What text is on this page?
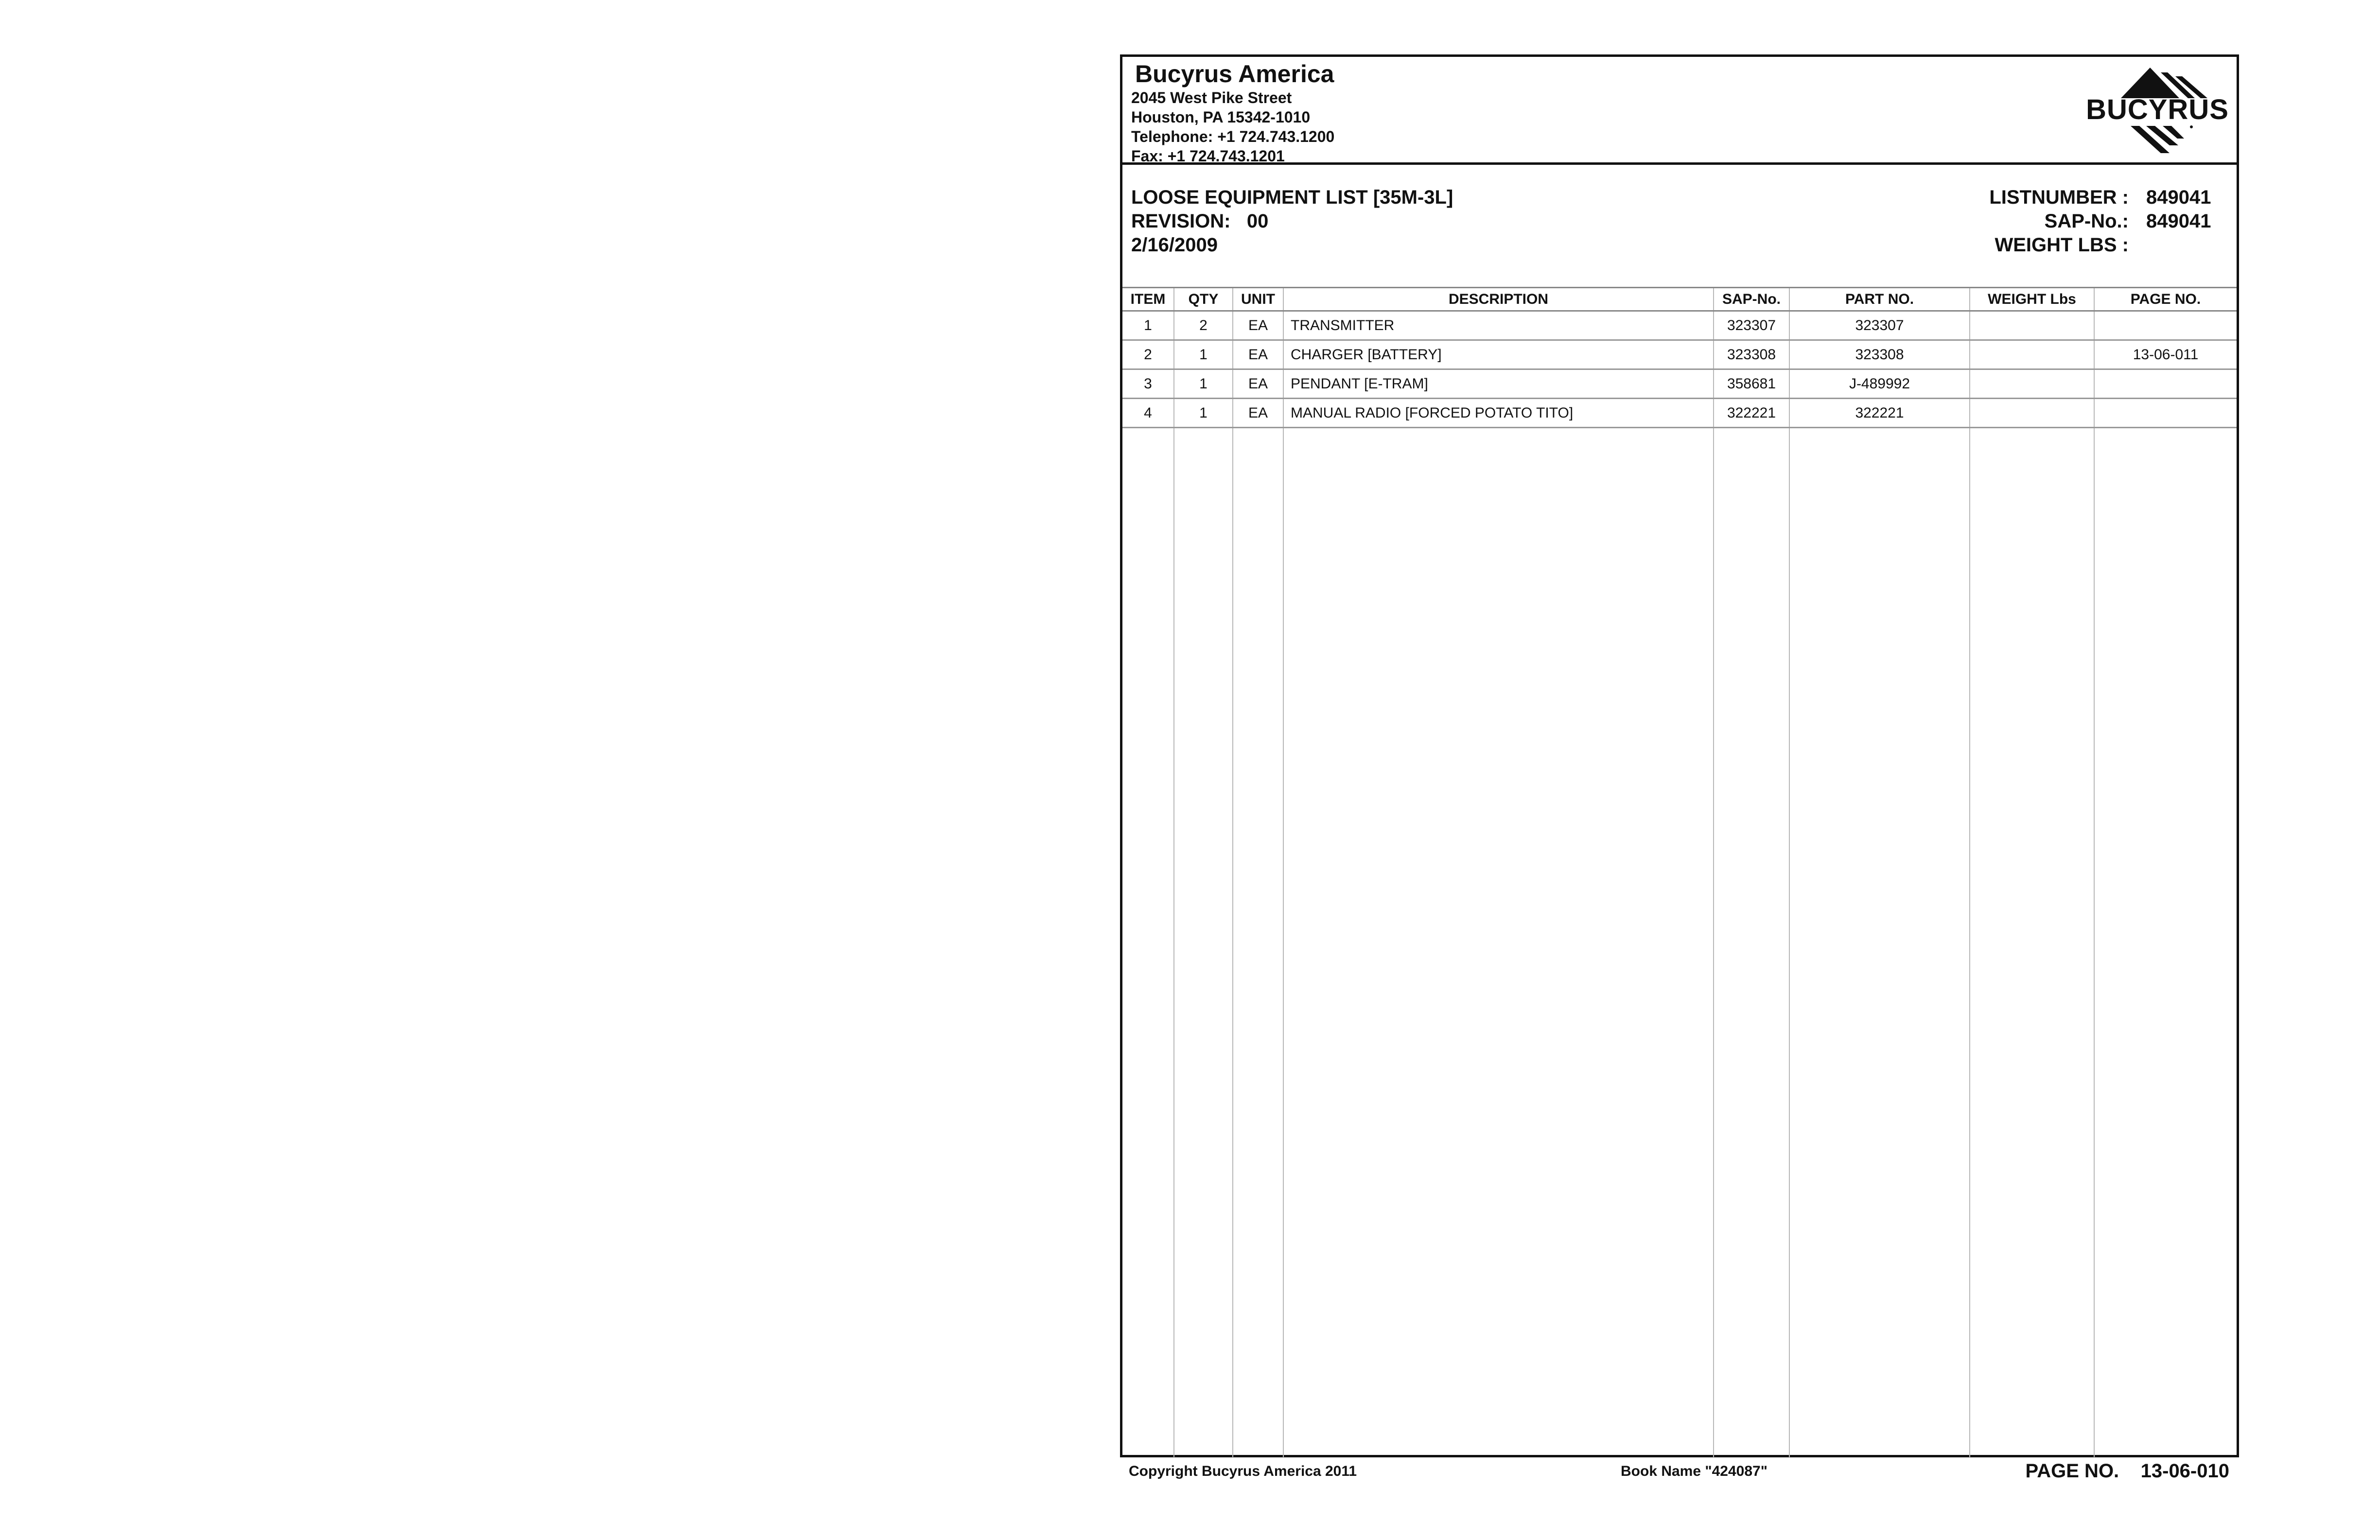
Bucyrus America
2045 West Pike Street
Houston, PA 15342-1010
Telephone: +1 724.743.1200
Fax: +1 724.743.1201
BUCYRUS
LOOSE EQUIPMENT LIST [35M-3L]
REVISION: 00
2/16/2009
LISTNUMBER : 849041
SAP-No.: 849041
WEIGHT LBS :
ITEM	QTY	UNIT	DESCRIPTION	SAP-No.	PART NO.	WEIGHT Lbs	PAGE NO.
1	2	EA	TRANSMITTER	323307	323307		
2	1	EA	CHARGER [BATTERY]	323308	323308		13-06-011
3	1	EA	PENDANT [E-TRAM]	358681	J-489992		
4	1	EA	MANUAL RADIO [FORCED POTATO TITO]	322221	322221		

Copyright Bucyrus America 2011	Book Name "424087"	PAGE NO. 13-06-010
